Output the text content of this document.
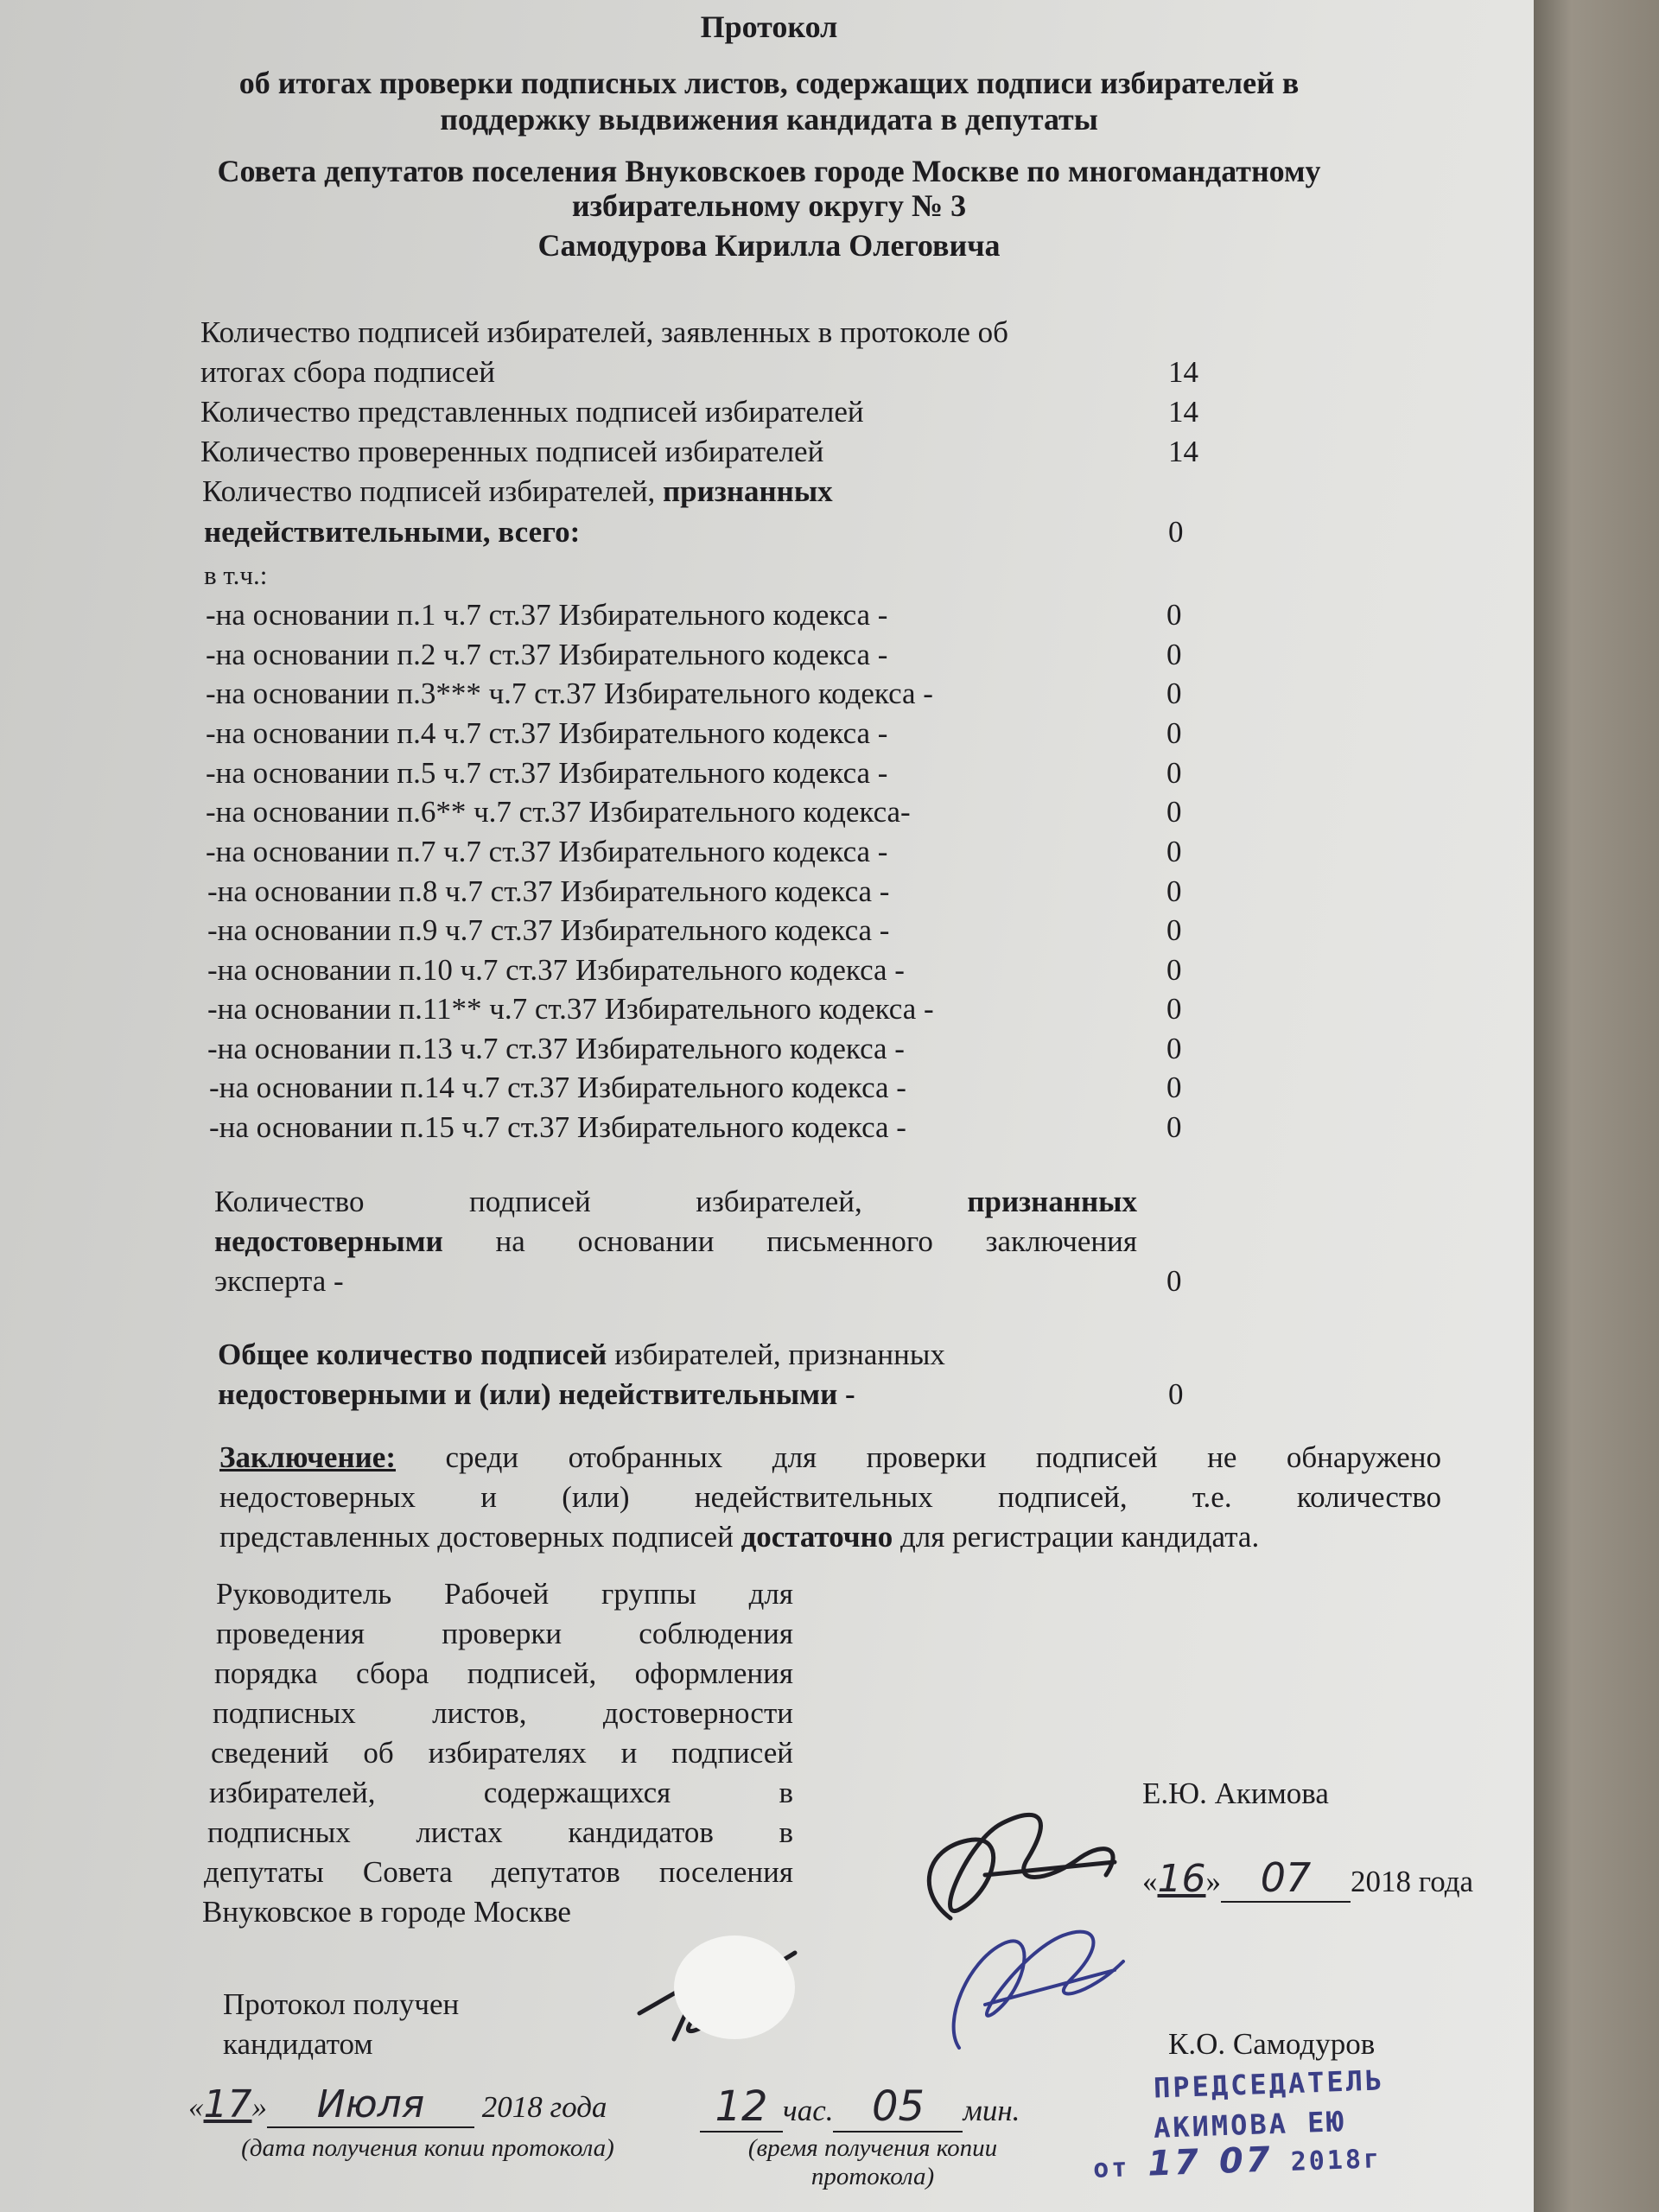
Протокол
об итогах проверки подписных листов, содержащих подписи избирателей в
поддержку выдвижения кандидата в депутаты
Совета депутатов поселения Внуковскоев городе Москве по многомандатному
избирательному округу № 3
Самодурова Кирилла Олеговича
Количество подписей избирателей, заявленных в протоколе об
итогах сбора подписей	14
Количество представленных подписей избирателей	14
Количество проверенных подписей избирателей	14
Количество подписей избирателей, признанных
недействительными, всего:	0
в т.ч.:
-на основании п.1 ч.7 ст.37 Избирательного кодекса -	0
-на основании п.2 ч.7 ст.37 Избирательного кодекса -	0
-на основании п.3*** ч.7 ст.37 Избирательного кодекса -	0
-на основании п.4 ч.7 ст.37 Избирательного кодекса -	0
-на основании п.5 ч.7 ст.37 Избирательного кодекса -	0
-на основании п.6** ч.7 ст.37 Избирательного кодекса-	0
-на основании п.7 ч.7 ст.37 Избирательного кодекса -	0
-на основании п.8 ч.7 ст.37 Избирательного кодекса -	0
-на основании п.9 ч.7 ст.37 Избирательного кодекса -	0
-на основании п.10 ч.7 ст.37 Избирательного кодекса -	0
-на основании п.11** ч.7 ст.37 Избирательного кодекса -	0
-на основании п.13 ч.7 ст.37 Избирательного кодекса -	0
-на основании п.14 ч.7 ст.37 Избирательного кодекса -	0
-на основании п.15 ч.7 ст.37 Избирательного кодекса -	0
Количество подписей избирателей,	признанных
недостоверными на основании письменного заключения
эксперта -	0
Общее количество подписей избирателей, признанных
недостоверными и (или) недействительными -	0
Заключение: среди отобранных для проверки подписей не обнаружено
недостоверных и (или) недействительных подписей, т.е. количество
представленных достоверных подписей достаточно для регистрации кандидата.
Руководитель Рабочей группы для
проведения проверки соблюдения
порядка сбора подписей, оформления
подписных листов, достоверности
сведений об избирателях и подписей
избирателей, содержащихся в
подписных листах кандидатов в
депутаты Совета депутатов поселения
Внуковское в городе Москве
Е.Ю. Акимова
«16» 07 2018 года
Протокол получен
кандидатом
«17» Июля 2018 года	12 час. 05 мин.
(дата получения копии протокола)	(время получения копии протокола)
К.О. Самодуров
ПРЕДСЕДАТЕЛЬ
АКИМОВА ЕЮ
от 17 07 2018г
